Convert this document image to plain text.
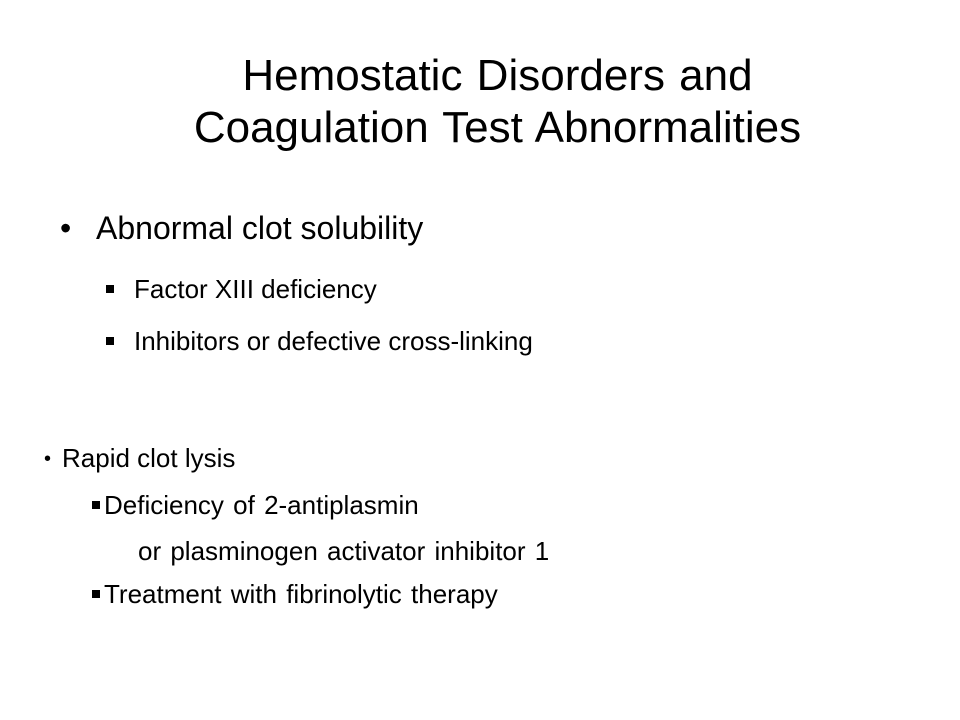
Hemostatic Disorders and
Coagulation Test Abnormalities
• Abnormal clot solubility
Factor XIII deficiency
Inhibitors or defective cross-linking
• Rapid clot lysis
Deficiency of 2-antiplasmin
or plasminogen activator inhibitor 1
Treatment with fibrinolytic therapy
